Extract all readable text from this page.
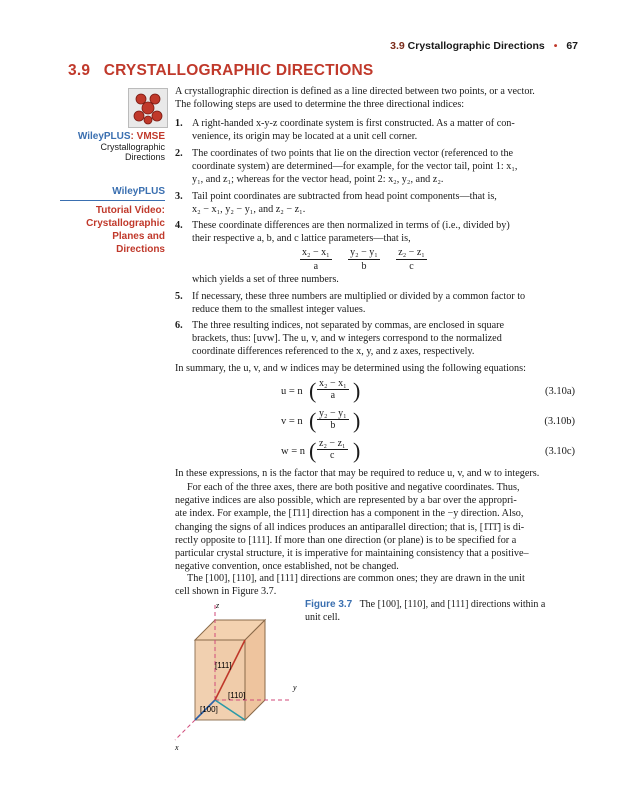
3.9 Crystallographic Directions • 67
3.9 CRYSTALLOGRAPHIC DIRECTIONS
WileyPLUS: VMSE
Crystallographic
Directions
WileyPLUS
Tutorial Video:
Crystallographic
Planes and
Directions
A crystallographic direction is defined as a line directed between two points, or a vector.
The following steps are used to determine the three directional indices:
1. A right-handed x-y-z coordinate system is first constructed. As a matter of con-
venience, its origin may be located at a unit cell corner.
2. The coordinates of two points that lie on the direction vector (referenced to the
coordinate system) are determined—for example, for the vector tail, point 1: x₁,
y₁, and z₁; whereas for the vector head, point 2: x₂, y₂, and z₂.
3. Tail point coordinates are subtracted from head point components—that is,
x₂ − x₁, y₂ − y₁, and z₂ − z₁.
4. These coordinate differences are then normalized in terms of (i.e., divided by)
their respective a, b, and c lattice parameters—that is,
$\frac{\text{x₂ − x₁}}{a}$
$\frac{\text{y₂ − y₁}}{b}$
$\frac{\text{z₂ − z₁}}{c}$
which yields a set of three numbers.
5. If necessary, these three numbers are multiplied or divided by a common factor to
reduce them to the smallest integer values.
6. The three resulting indices, not separated by commas, are enclosed in square
brackets, thus: [uvw]. The u, v, and w integers correspond to the normalized
coordinate differences referenced to the x, y, and z axes, respectively.
In summary, the u, v, and w indices may be determined using the following equations:
u = n ( $\frac{\text{x₂ − x₁}}{a}$ )	(3.10a)
v = n ( $\frac{\text{y₂ − y₁}}{b}$ )	(3.10b)
w = n ( $\frac{\text{z₂ − z₁}}{c}$ )	(3.10c)
In these expressions, n is the factor that may be required to reduce u, v, and w to integers.
For each of the three axes, there are both positive and negative coordinates. Thus,
negative indices are also possible, which are represented by a bar over the appropri-
ate index. For example, the [1̄11] direction has a component in the −y direction. Also,
changing the signs of all indices produces an antiparallel direction; that is, [1̄1̄1̄] is di-
rectly opposite to [111]. If more than one direction (or plane) is to be specified for a
particular crystal structure, it is imperative for maintaining consistency that a positive–
negative convention, once established, not be changed.
The [100], [110], and [111] directions are common ones; they are drawn in the unit
cell shown in Figure 3.7.
Figure 3.7 The [100], [110], and [111] directions within a
unit cell.
z
y
x
[111]
[110]
[100]
